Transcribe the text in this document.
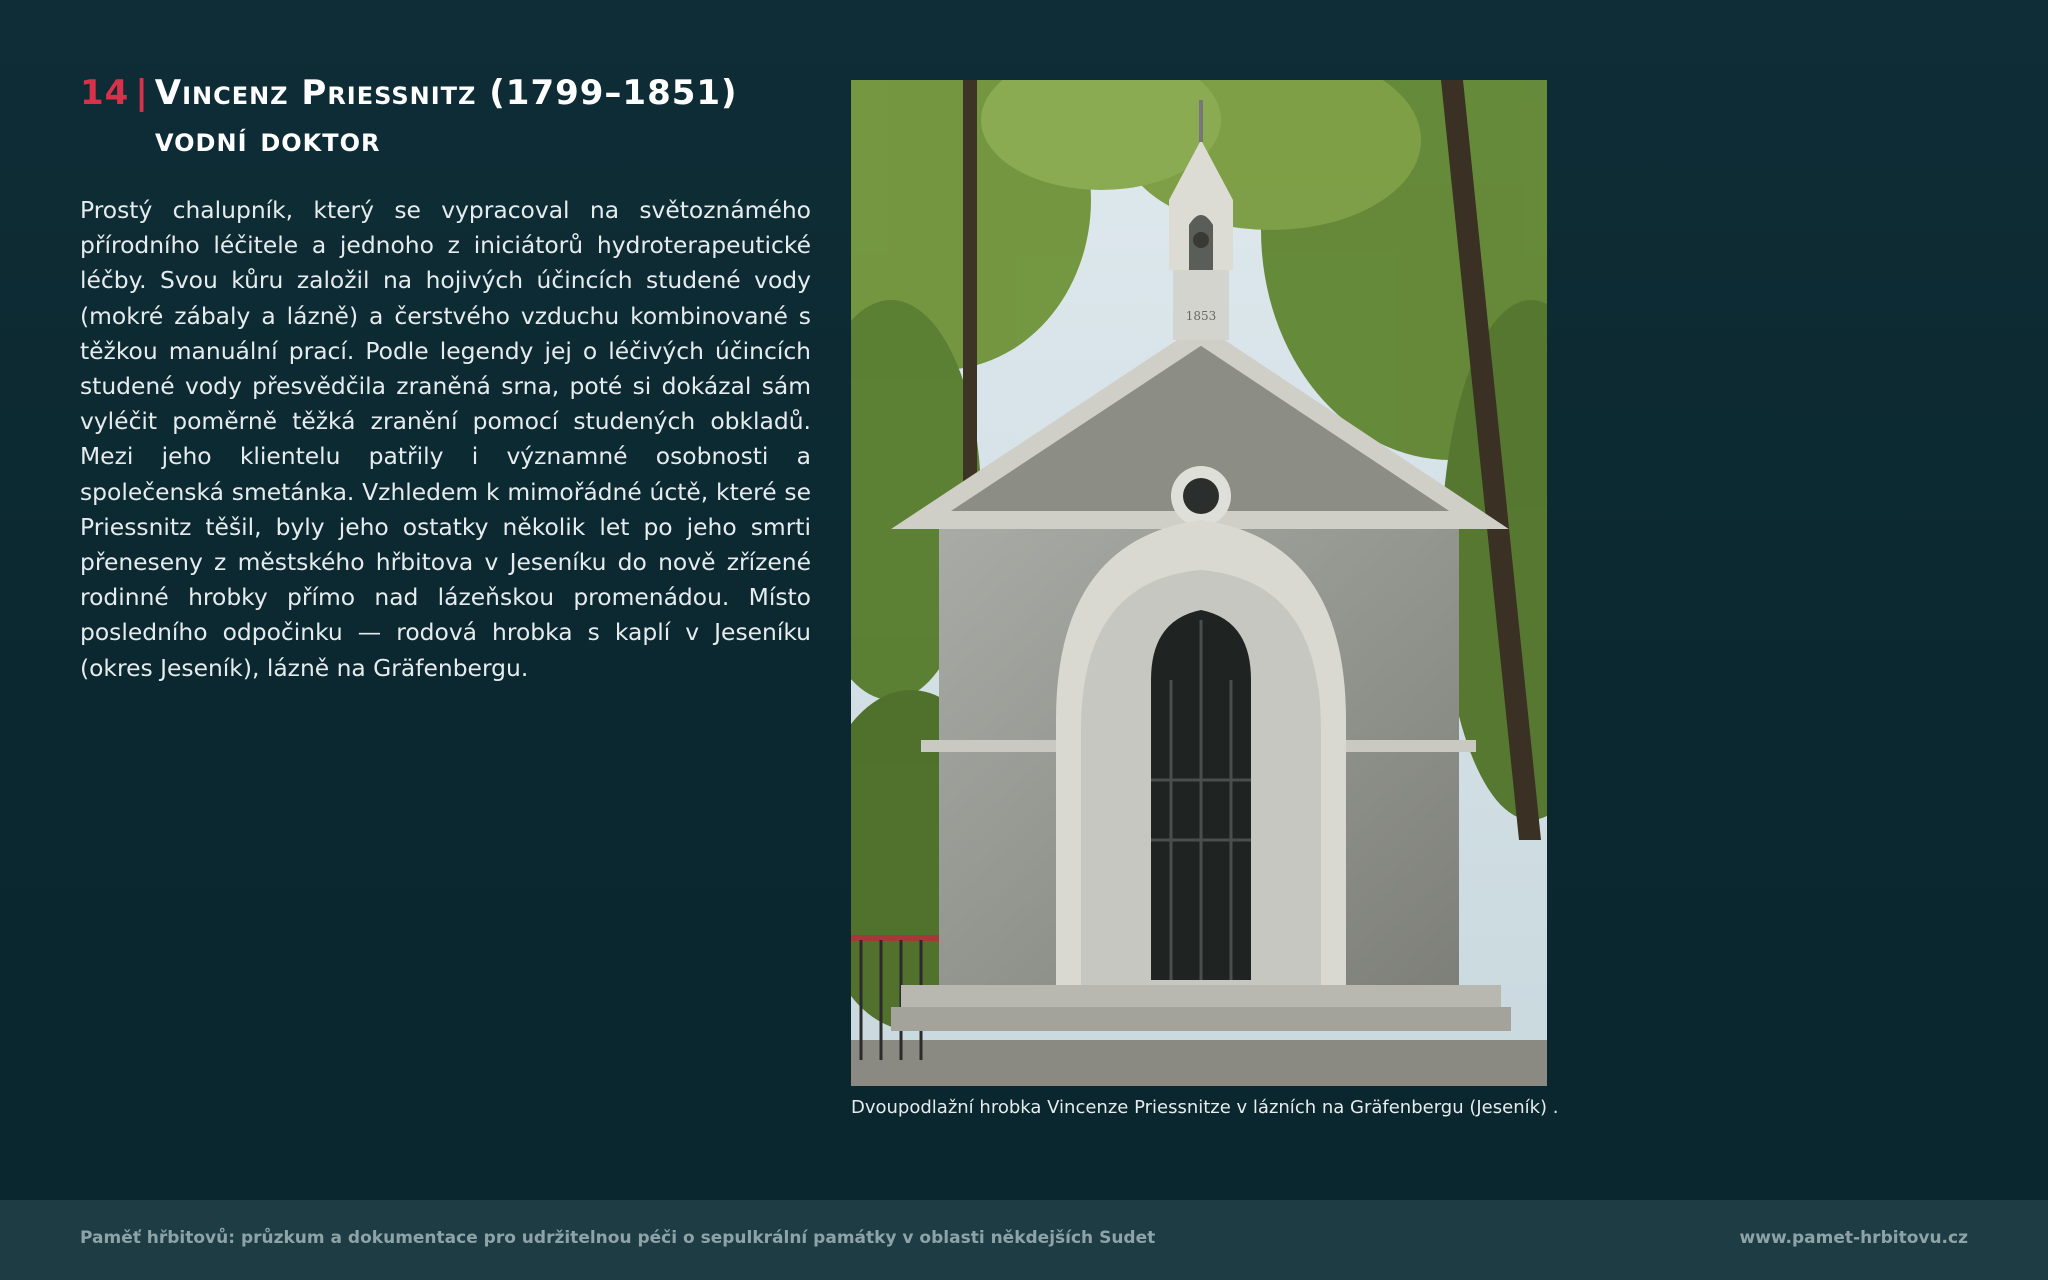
14 | Vincenz Priessnitz (1799–1851)
vodní doktor
Prostý chalupník, který se vypracoval na světoznámého přírodního léčitele a jednoho z iniciátorů hydroterapeutické léčby. Svou kůru založil na hojivých účincích studené vody (mokré zábaly a lázně) a čerstvého vzduchu kombinované s těžkou manuální prací. Podle legendy jej o léčivých účincích studené vody přesvědčila zraněná srna, poté si dokázal sám vyléčit poměrně těžká zranění pomocí studených obkladů. Mezi jeho klientelu patřily i významné osobnosti a společenská smetánka. Vzhledem k mimořádné úctě, které se Priessnitz těšil, byly jeho ostatky několik let po jeho smrti přeneseny z městského hřbitova v Jeseníku do nově zřízené rodinné hrobky přímo nad lázeňskou promenádou. Místo posledního odpočinku — rodová hrobka s kaplí v Jeseníku (okres Jeseník), lázně na Gräfenbergu.
1853
Dvoupodlažní hrobka Vincenze Priessnitze v lázních na Gräfenbergu (Jeseník) .
Paměť hřbitovů: průzkum a dokumentace pro udržitelnou péči o sepulkrální památky v oblasti někdejších Sudet	www.pamet-hrbitovu.cz
